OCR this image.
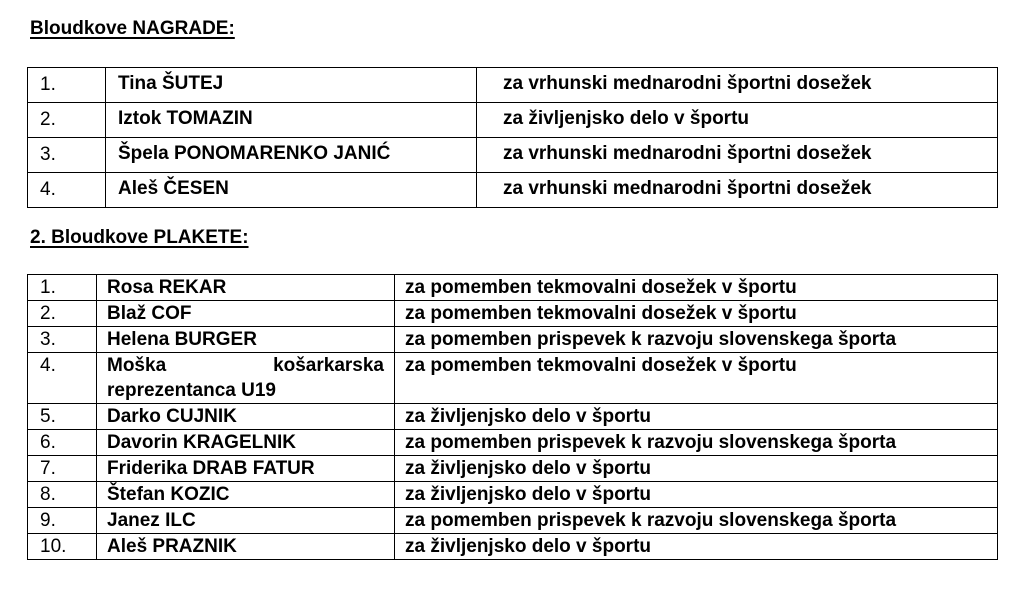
Bloudkove NAGRADE:
1.	Tina ŠUTEJ	za vrhunski mednarodni športni dosežek
2.	Iztok TOMAZIN	za življenjsko delo v športu
3.	Špela PONOMARENKO JANIĆ	za vrhunski mednarodni športni dosežek
4.	Aleš ČESEN	za vrhunski mednarodni športni dosežek
2. Bloudkove PLAKETE:
1.	Rosa REKAR	za pomemben tekmovalni dosežek v športu
2.	Blaž COF	za pomemben tekmovalni dosežek v športu
3.	Helena BURGER	za pomemben prispevek k razvoju slovenskega športa
4.	Moška košarkarska
reprezentanca U19	za pomemben tekmovalni dosežek v športu
5.	Darko CUJNIK	za življenjsko delo v športu
6.	Davorin KRAGELNIK	za pomemben prispevek k razvoju slovenskega športa
7.	Friderika DRAB FATUR	za življenjsko delo v športu
8.	Štefan KOZIC	za življenjsko delo v športu
9.	Janez ILC	za pomemben prispevek k razvoju slovenskega športa
10.	Aleš PRAZNIK	za življenjsko delo v športu
